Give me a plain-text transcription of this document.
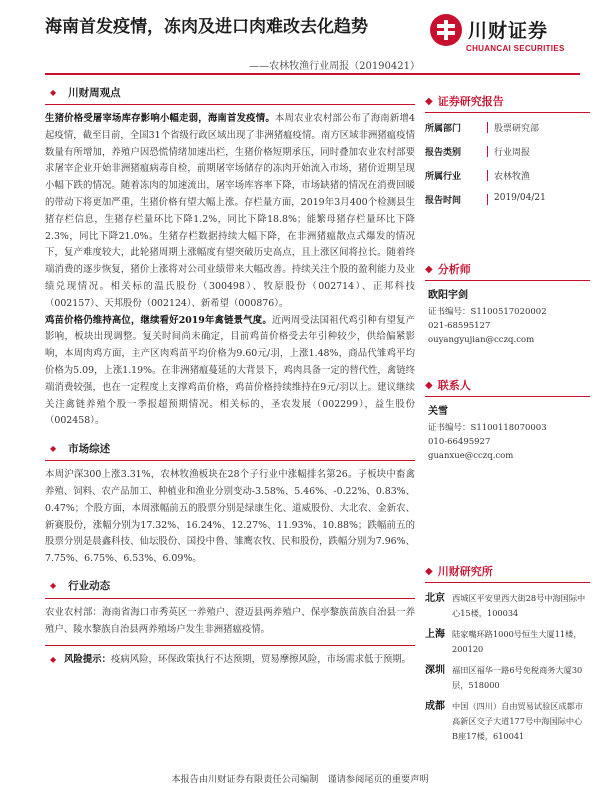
海南首发疫情，冻肉及进口肉难改去化趋势
——农林牧渔行业周报（20190421）
川财证券
CHUANCAI SECURITIES
◆ 川财周观点
生猪价格受屠宰场库存影响小幅走弱，海南首发疫情。本周农业农村部公布了海南新增4起疫情，截至目前，全国31个省级行政区域出现了非洲猪瘟疫情。南方区域非洲猪瘟疫情数量有所增加，养殖户因恐慌情绪加速出栏，生猪价格短期承压，同时叠加农业农村部要求屠宰企业开始非洲猪瘟病毒自检，前期屠宰场储存的冻肉开始流入市场，猪价近期呈现小幅下跌的情况。随着冻肉的加速流出，屠宰场库容率下降，市场缺猪的情况在消费回暖的带动下将更加严重，生猪价格有望大幅上涨。存栏量方面，2019年3月400个检测县生猪存栏信息，生猪存栏量环比下降1.2%，同比下降18.8%；能繁母猪存栏量环比下降2.3%，同比下降21.0%。生猪存栏数据持续大幅下降，在非洲猪瘟散点式爆发的情况下，复产难度较大，此轮猪周期上涨幅度有望突破历史高点，且上涨区间将拉长。随着终端消费的逐步恢复，猪价上涨将对公司业绩带来大幅改善。持续关注个股的盈利能力及业绩兑现情况。相关标的温氏股份（300498）、牧原股份（002714）、正邦科技（002157）、天邦股份（002124）、新希望（000876）。
鸡苗价格仍维持高位，继续看好2019年禽链景气度。近两周受法国祖代鸡引种有望复产影响，板块出现调整。复关时间尚未确定，目前鸡苗价格受去年引种较少，供给偏紧影响，本周肉鸡方面，主产区肉鸡苗平均价格为9.60元/羽，上涨1.48%，商品代雏鸡平均价格为5.09，上涨1.19%。在非洲猪瘟蔓延的大背景下，鸡肉具备一定的替代性，禽链终端消费较强，也在一定程度上支撑鸡苗价格，鸡苗价格持续维持在9元/羽以上。建议继续关注禽链养殖个股一季报超预期情况。相关标的，圣农发展（002299），益生股份（002458）。
◆ 市场综述
本周沪深300上涨3.31%，农林牧渔板块在28个子行业中涨幅排名第26。子板块中畜禽养殖、饲料、农产品加工、种植业和渔业分别变动-3.58%、5.46%、-0.22%、0.83%、0.47%；个股方面，本周涨幅前五的股票分别是绿康生化、道威股份、大北农、金新农、新赛股份，涨幅分别为17.32%、16.24%、12.27%、11.93%、10.88%；跌幅前五的股票分别是晨鑫科技、仙坛股份、国投中鲁、雏鹰农牧、民和股份，跌幅分别为7.96%、7.75%、6.75%、6.53%、6.09%。
◆ 行业动态
农业农村部：海南省海口市秀英区一养殖户、澄迈县两养殖户、保亭黎族苗族自治县一养殖户、陵水黎族自治县两养殖场户发生非洲猪瘟疫情。
◆ 风险提示：疫病风险，环保政策执行不达预期，贸易摩擦风险，市场需求低于预期。
◆ 证券研究报告
所属部门	股票研究部
报告类别	行业周报
所属行业	农林牧渔
报告时间	2019/04/21
◆ 分析师
欧阳宇剑
证书编号：S1100517020002
021-68595127
ouyangyujian@cczq.com
◆ 联系人
关雪
证书编号：S1100118070003
010-66495927
guanxue@cczq.com
◆ 川财研究所
北京 西城区平安里西大街28号中海国际中心15楼，100034
上海 陆家嘴环路1000号恒生大厦11楼，200120
深圳 福田区福华一路6号免税商务大厦30层，518000
成都 中国（四川）自由贸易试验区成都市高新区交子大道177号中海国际中心B座17楼，610041
本报告由川财证券有限责任公司编制　谨请参阅尾页的重要声明
